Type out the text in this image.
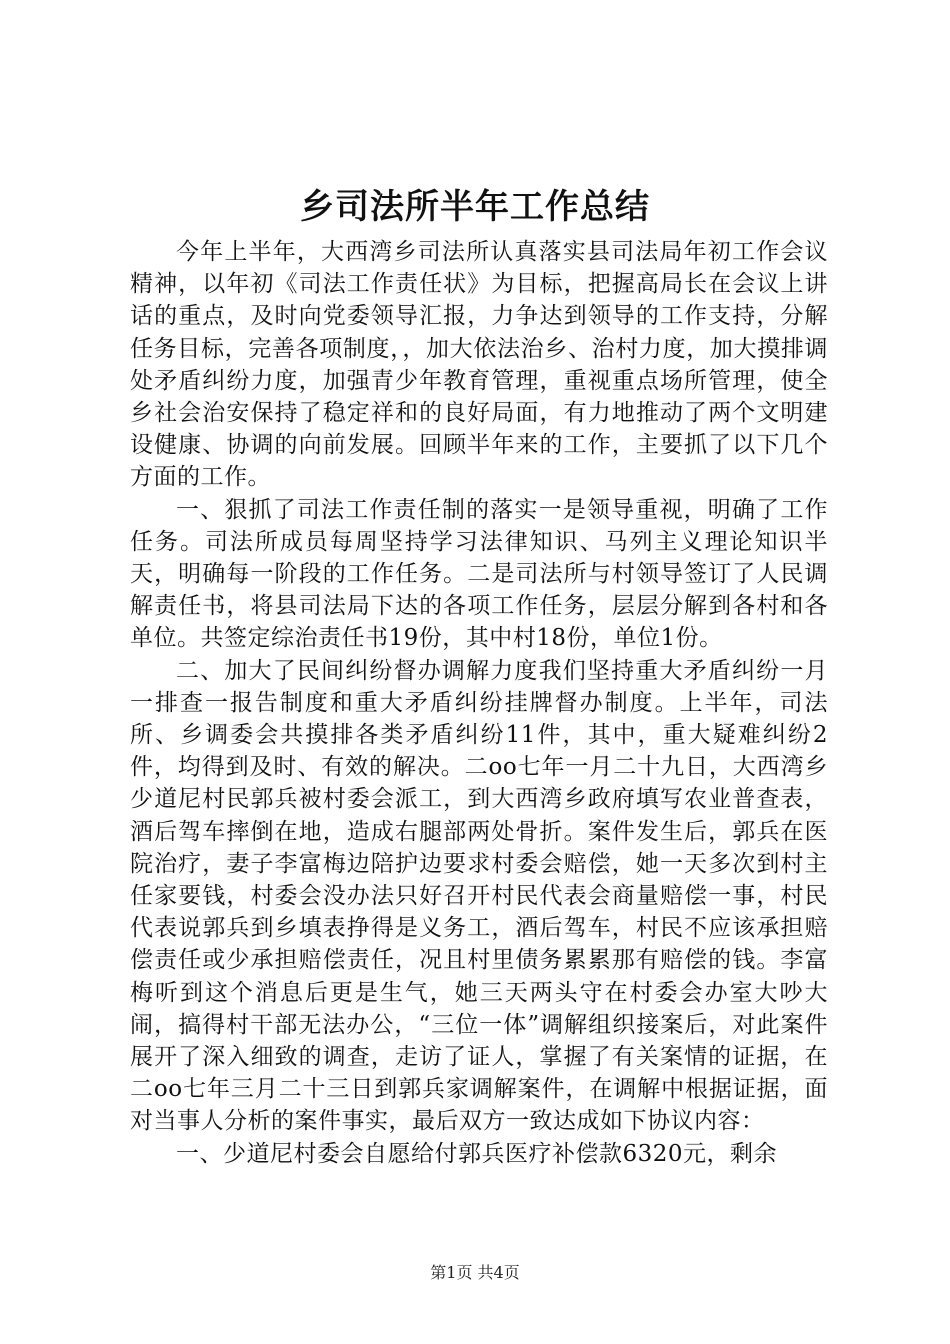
乡司法所半年工作总结

今年上半年，大西湾乡司法所认真落实县司法局年初工作会议精神，以年初《司法工作责任状》为目标，把握高局长在会议上讲话的重点，及时向党委领导汇报，力争达到领导的工作支持，分解任务目标，完善各项制度，，加大依法治乡、治村力度，加大摸排调处矛盾纠纷力度，加强青少年教育管理，重视重点场所管理，使全乡社会治安保持了稳定祥和的良好局面，有力地推动了两个文明建设健康、协调的向前发展。回顾半年来的工作，主要抓了以下几个方面的工作。

一、狠抓了司法工作责任制的落实一是领导重视，明确了工作任务。司法所成员每周坚持学习法律知识、马列主义理论知识半天，明确每一阶段的工作任务。二是司法所与村领导签订了人民调解责任书，将县司法局下达的各项工作任务，层层分解到各村和各单位。共签定综治责任书19份，其中村18份，单位1份。

二、加大了民间纠纷督办调解力度我们坚持重大矛盾纠纷一月一排查一报告制度和重大矛盾纠纷挂牌督办制度。上半年，司法所、乡调委会共摸排各类矛盾纠纷11件，其中，重大疑难纠纷2件，均得到及时、有效的解决。二oo七年一月二十九日，大西湾乡少道尼村民郭兵被村委会派工，到大西湾乡政府填写农业普查表，酒后驾车摔倒在地，造成右腿部两处骨折。案件发生后，郭兵在医院治疗，妻子李富梅边陪护边要求村委会赔偿，她一天多次到村主任家要钱，村委会没办法只好召开村民代表会商量赔偿一事，村民代表说郭兵到乡填表挣得是义务工，酒后驾车，村民不应该承担赔偿责任或少承担赔偿责任，况且村里债务累累那有赔偿的钱。李富梅听到这个消息后更是生气，她三天两头守在村委会办室大吵大闹，搞得村干部无法办公，“三位一体”调解组织接案后，对此案件展开了深入细致的调查，走访了证人，掌握了有关案情的证据，在二oo七年三月二十三日到郭兵家调解案件，在调解中根据证据，面对当事人分析的案件事实，最后双方一致达成如下协议内容：

一、少道尼村委会自愿给付郭兵医疗补偿款6320元，剩余

第1页 共4页
